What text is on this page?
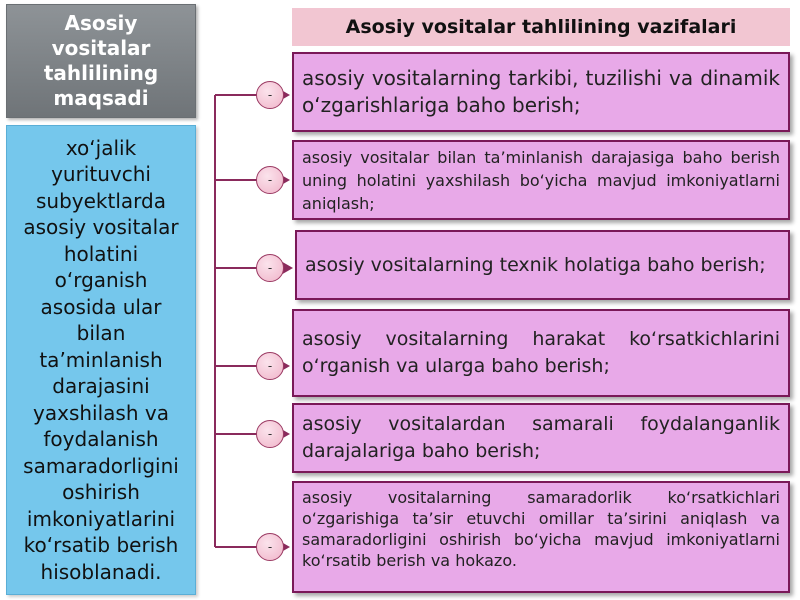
Asosiy vositalar tahlilining maqsadi
xo‘jalik yurituvchi subyektlarda asosiy vositalar holatini o‘rganish asosida ular bilan ta’minlanish darajasini yaxshilash va foydalanish samaradorligini oshirish imkoniyatlarini ko‘rsatib berish hisoblanadi.
Asosiy vositalar tahlilining vazifalari
-
-
-
-
-
-
asosiy vositalarning tarkibi, tuzilishi va dinamik o‘zgarishlariga baho berish;
asosiy vositalar bilan ta’minlanish darajasiga baho berish uning holatini yaxshilash bo‘yicha mavjud imkoniyatlarni aniqlash;
asosiy vositalarning texnik holatiga baho berish;
asosiy vositalarning harakat ko‘rsatkichlarini o‘rganish va ularga baho berish;
asosiy vositalardan samarali foydalanganlik darajalariga baho berish;
asosiy vositalarning samaradorlik ko‘rsatkichlari o‘zgarishiga ta’sir etuvchi omillar ta’sirini aniqlash va samaradorligini oshirish bo‘yicha mavjud imkoniyatlarni ko‘rsatib berish va hokazo.
